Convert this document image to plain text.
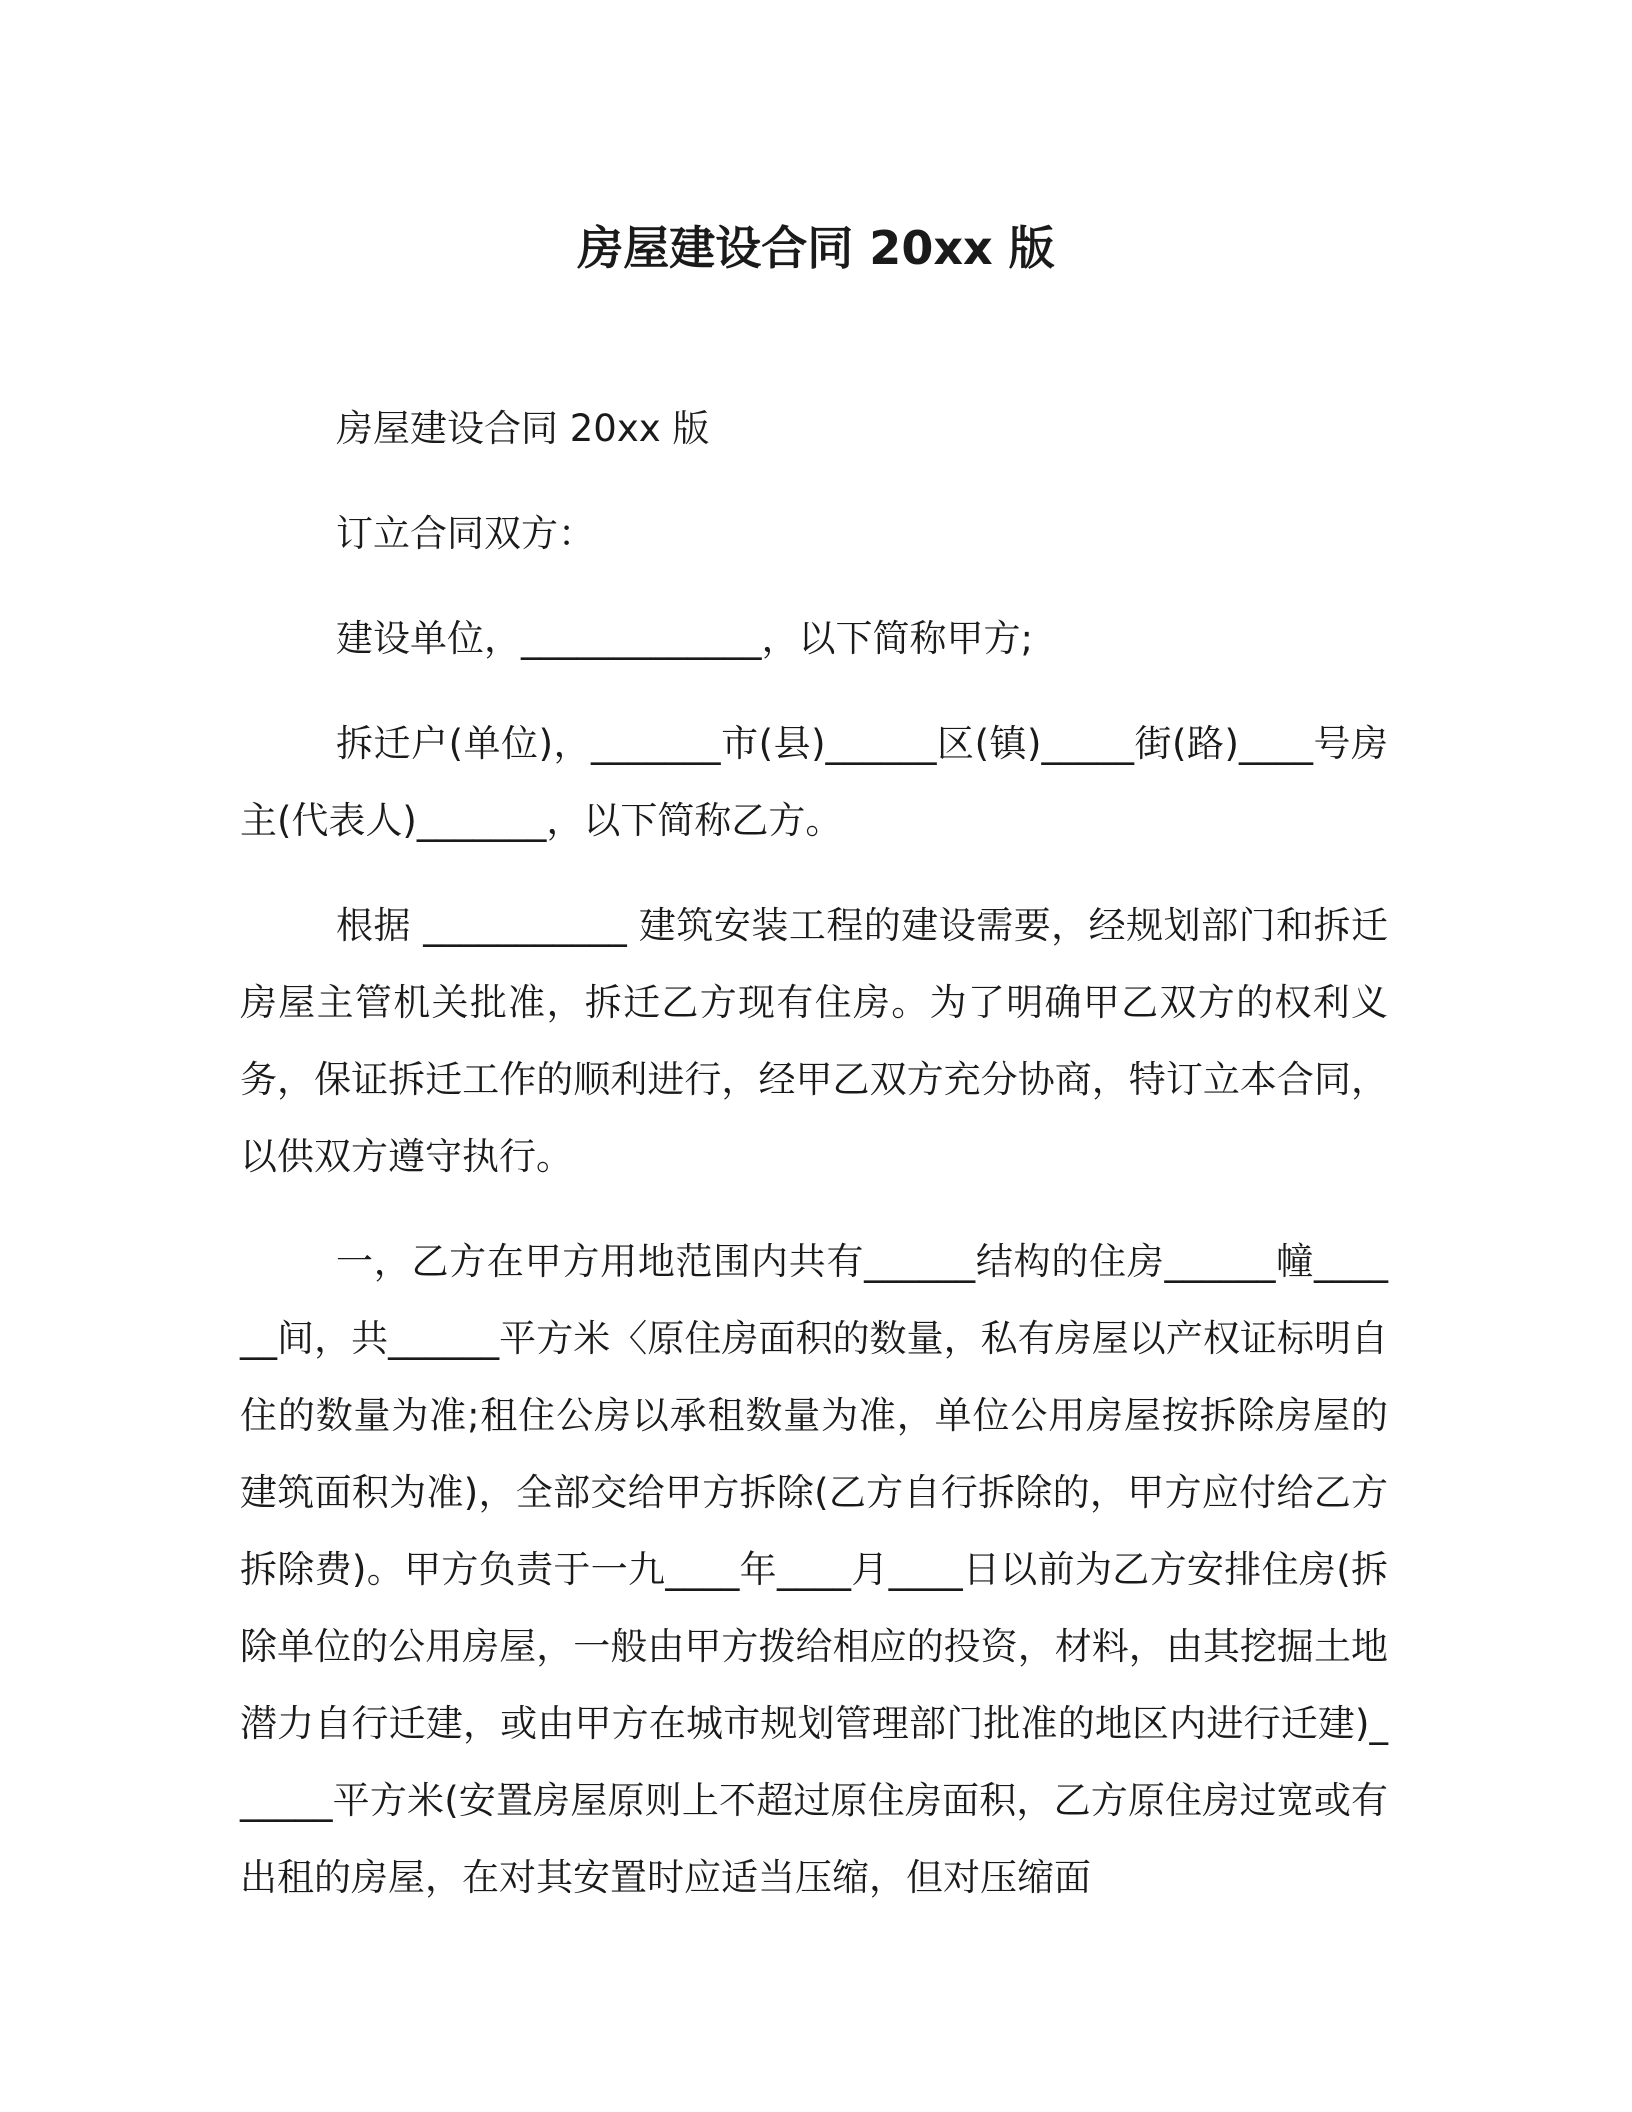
房屋建设合同 20xx 版

房屋建设合同 20xx 版

订立合同双方：

建设单位，_____________，以下简称甲方;

拆迁户(单位)，_______市(县)______区(镇)_____街(路)____号房主(代表人)_______，以下简称乙方。

根据 ___________ 建筑安装工程的建设需要，经规划部门和拆迁房屋主管机关批准，拆迁乙方现有住房。为了明确甲乙双方的权利义务，保证拆迁工作的顺利进行，经甲乙双方充分协商，特订立本合同，以供双方遵守执行。

一，乙方在甲方用地范围内共有______结构的住房______幢______间，共______平方米〈原住房面积的数量，私有房屋以产权证标明自住的数量为准;租住公房以承租数量为准，单位公用房屋按拆除房屋的建筑面积为准)，全部交给甲方拆除(乙方自行拆除的，甲方应付给乙方拆除费)。甲方负责于一九____年____月____日以前为乙方安排住房(拆除单位的公用房屋，一般由甲方拨给相应的投资，材料，由其挖掘土地潜力自行迁建，或由甲方在城市规划管理部门批准的地区内进行迁建)______平方米(安置房屋原则上不超过原住房面积，乙方原住房过宽或有出租的房屋，在对其安置时应适当压缩，但对压缩面
